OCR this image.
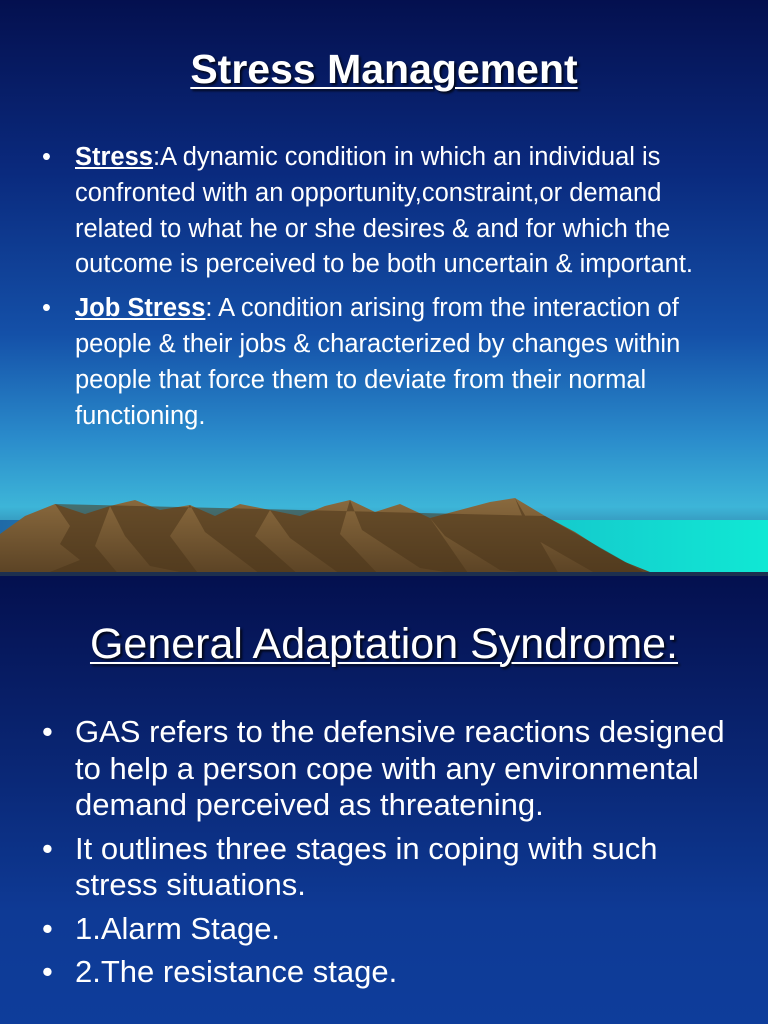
Stress Management
• Stress:A dynamic condition in which an individual is confronted with an opportunity,constraint,or demand related to what he or she desires & and for which the outcome is perceived to be both uncertain & important.
• Job Stress: A condition arising from the interaction of people & their jobs & characterized by changes within people that force them to deviate from their normal functioning.
General Adaptation Syndrome:
• GAS refers to the defensive reactions designed to help a person cope with any environmental demand perceived as threatening.
• It outlines three stages in coping with such stress situations.
• 1.Alarm Stage.
• 2.The resistance stage.
